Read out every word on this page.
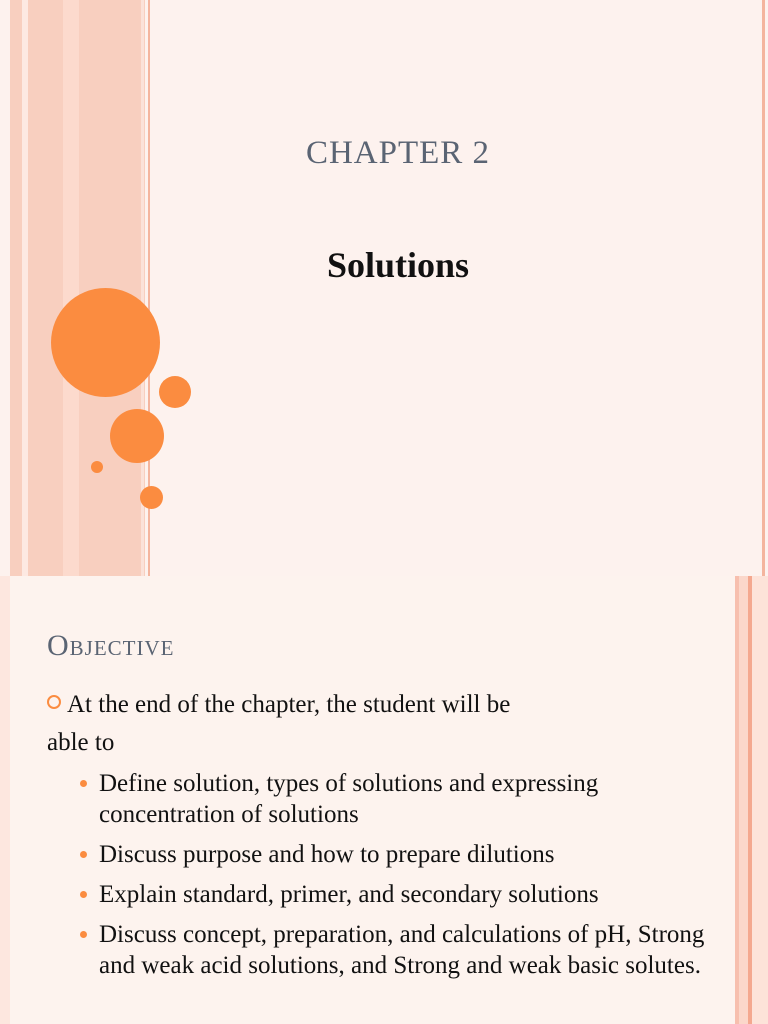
CHAPTER 2
Solutions
Objective
At the end of the chapter, the student will be
able to
Define solution, types of solutions and expressing concentration of solutions
Discuss purpose and how to prepare dilutions
Explain standard, primer, and secondary solutions
Discuss concept, preparation, and calculations of pH, Strong and weak acid solutions, and Strong and weak basic solutes.
